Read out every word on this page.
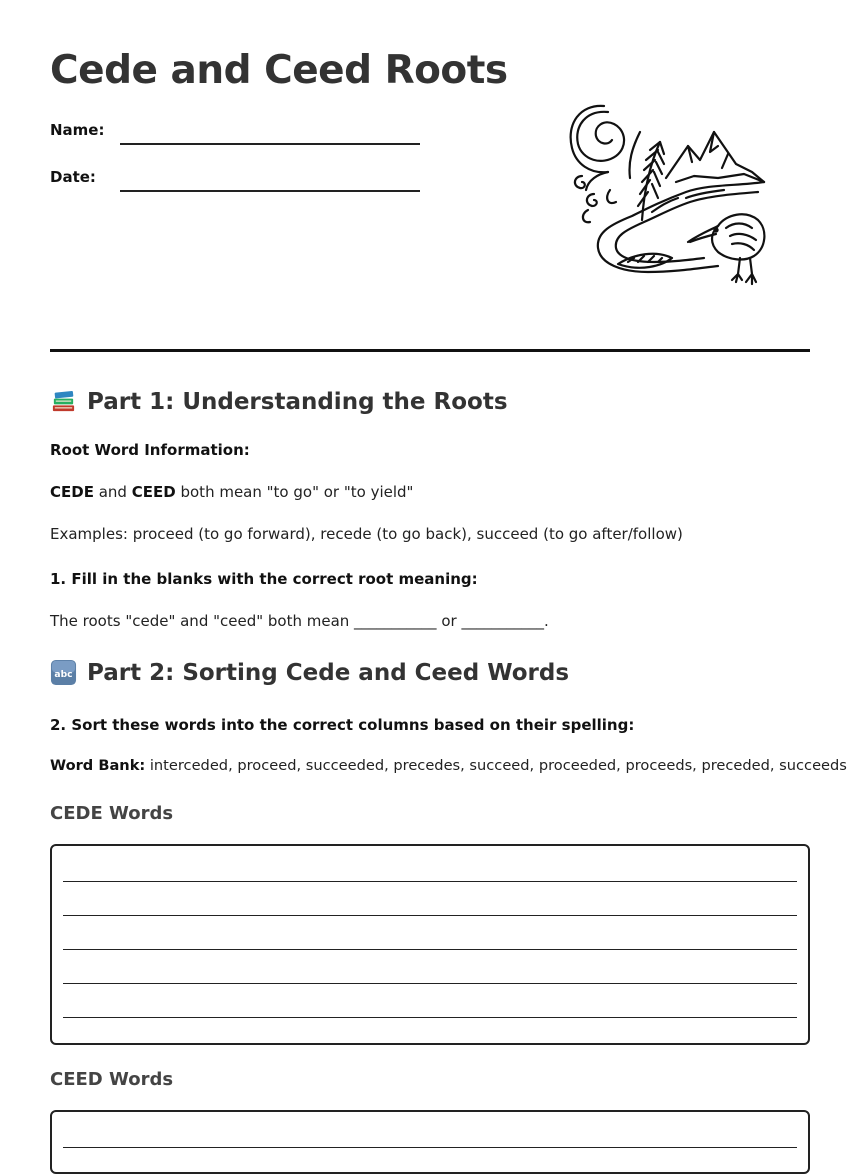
Cede and Ceed Roots
Name:
Date:
Part 1: Understanding the Roots
Root Word Information:
CEDE and CEED both mean "to go" or "to yield"
Examples: proceed (to go forward), recede (to go back), succeed (to go after/follow)
1. Fill in the blanks with the correct root meaning:
The roots "cede" and "ceed" both mean ___________ or ___________.
abc Part 2: Sorting Cede and Ceed Words
2. Sort these words into the correct columns based on their spelling:
Word Bank: interceded, proceed, succeeded, precedes, succeed, proceeded, proceeds, preceded, succeeds
CEDE Words
CEED Words
